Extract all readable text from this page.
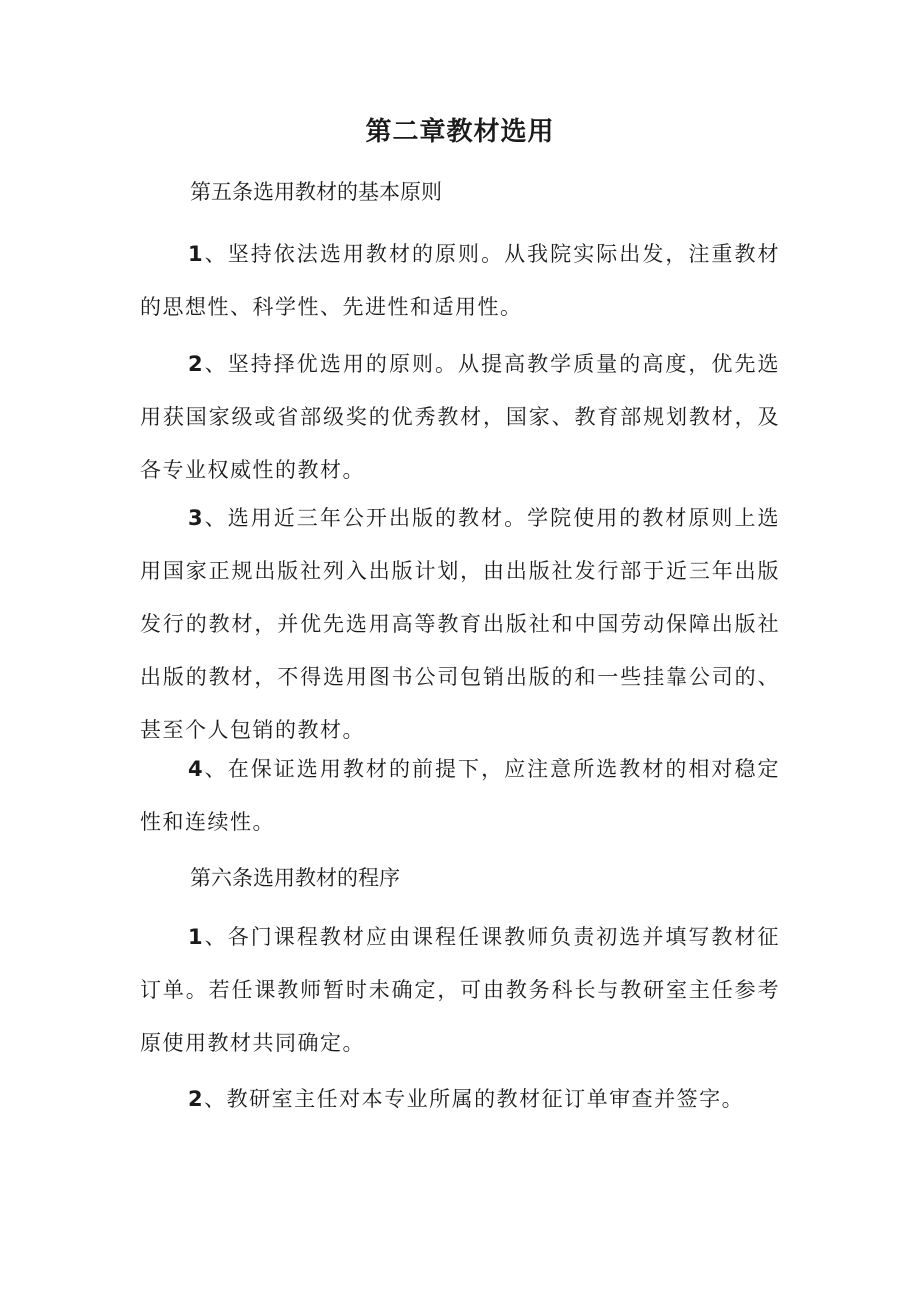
第二章教材选用
第五条选用教材的基本原则

1、坚持依法选用教材的原则。从我院实际出发，注重教材的思想性、科学性、先进性和适用性。

2、坚持择优选用的原则。从提高教学质量的高度，优先选用获国家级或省部级奖的优秀教材，国家、教育部规划教材，及各专业权威性的教材。

3、选用近三年公开出版的教材。学院使用的教材原则上选用国家正规出版社列入出版计划，由出版社发行部于近三年出版发行的教材，并优先选用高等教育出版社和中国劳动保障出版社出版的教材，不得选用图书公司包销出版的和一些挂靠公司的、甚至个人包销的教材。

4、在保证选用教材的前提下，应注意所选教材的相对稳定性和连续性。

第六条选用教材的程序

1、各门课程教材应由课程任课教师负责初选并填写教材征订单。若任课教师暂时未确定，可由教务科长与教研室主任参考原使用教材共同确定。

2、教研室主任对本专业所属的教材征订单审查并签字。
